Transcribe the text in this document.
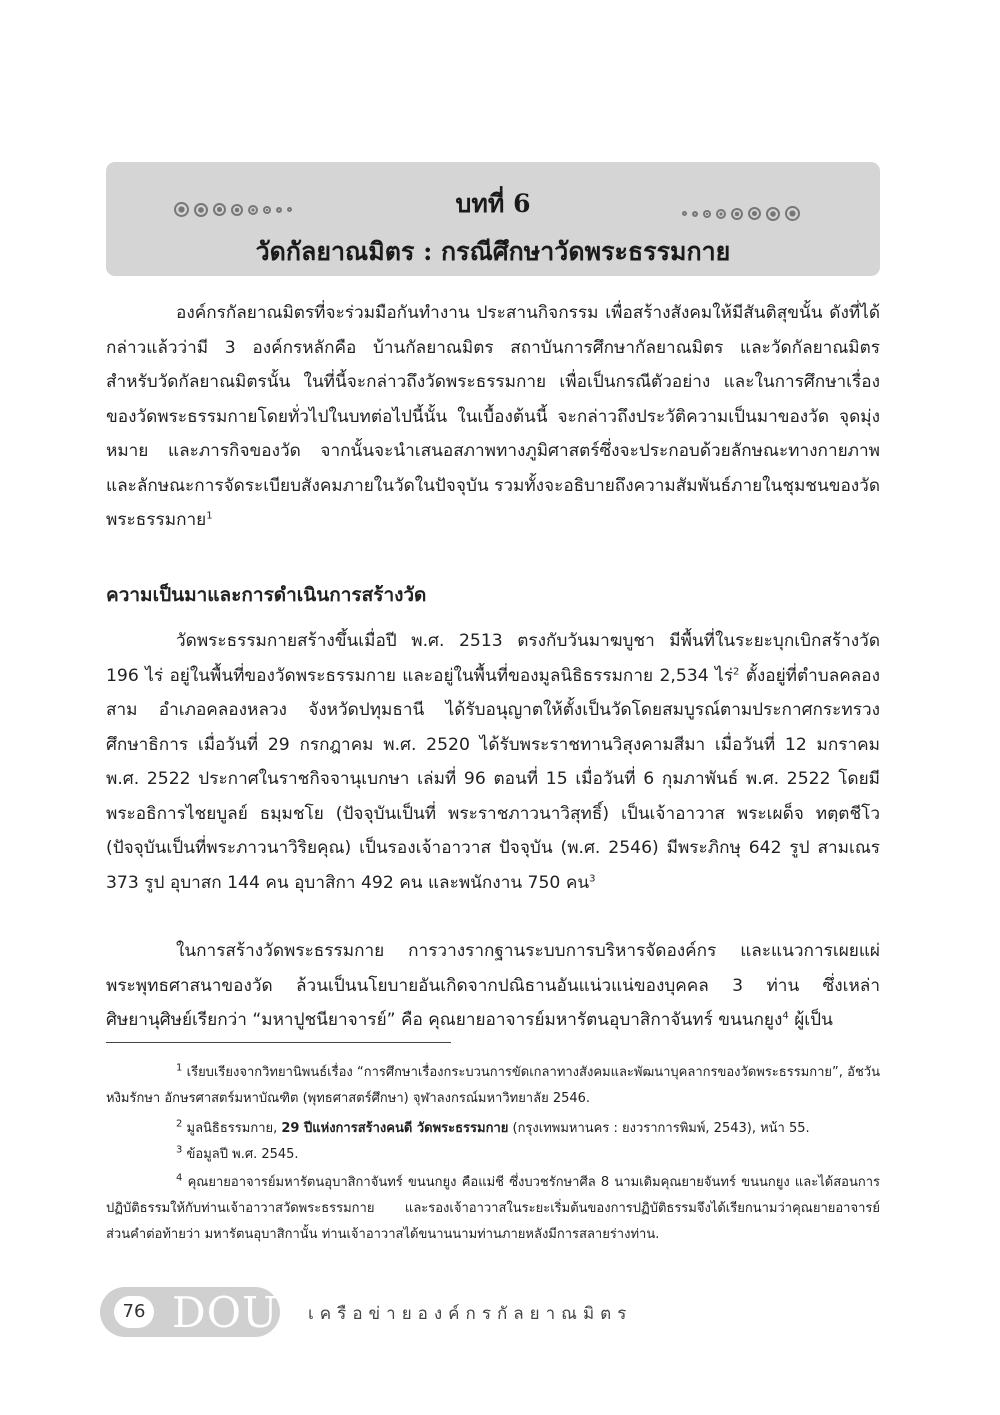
บทที่ 6
วัดกัลยาณมิตร : กรณีศึกษาวัดพระธรรมกาย

องค์กรกัลยาณมิตรที่จะร่วมมือกันทำงาน ประสานกิจกรรม เพื่อสร้างสังคมให้มีสันติสุขนั้น ดังที่ได้กล่าวแล้วว่ามี 3 องค์กรหลักคือ บ้านกัลยาณมิตร สถาบันการศึกษากัลยาณมิตร และวัดกัลยาณมิตร สำหรับวัดกัลยาณมิตรนั้น ในที่นี้จะกล่าวถึงวัดพระธรรมกาย เพื่อเป็นกรณีตัวอย่าง และในการศึกษาเรื่องของวัดพระธรรมกายโดยทั่วไปในบทต่อไปนี้นั้น ในเบื้องต้นนี้ จะกล่าวถึงประวัติความเป็นมาของวัด จุดมุ่งหมาย และภารกิจของวัด จากนั้นจะนำเสนอสภาพทางภูมิศาสตร์ซึ่งจะประกอบด้วยลักษณะทางกายภาพและลักษณะการจัดระเบียบสังคมภายในวัดในปัจจุบัน รวมทั้งจะอธิบายถึงความสัมพันธ์ภายในชุมชนของวัดพระธรรมกาย$^1$

ความเป็นมาและการดำเนินการสร้างวัด

วัดพระธรรมกายสร้างขึ้นเมื่อปี พ.ศ. 2513 ตรงกับวันมาฆบูชา มีพื้นที่ในระยะบุกเบิกสร้างวัด 196 ไร่ อยู่ในพื้นที่ของวัดพระธรรมกาย และอยู่ในพื้นที่ของมูลนิธิธรรมกาย 2,534 ไร่$^2$ ตั้งอยู่ที่ตำบลคลองสาม อำเภอคลองหลวง จังหวัดปทุมธานี ได้รับอนุญาตให้ตั้งเป็นวัดโดยสมบูรณ์ตามประกาศกระทรวงศึกษาธิการ เมื่อวันที่ 29 กรกฎาคม พ.ศ. 2520 ได้รับพระราชทานวิสุงคามสีมา เมื่อวันที่ 12 มกราคม พ.ศ. 2522 ประกาศในราชกิจจานุเบกษา เล่มที่ 96 ตอนที่ 15 เมื่อวันที่ 6 กุมภาพันธ์ พ.ศ. 2522 โดยมีพระอธิการไชยบูลย์ ธมฺมชโย (ปัจจุบันเป็นที่ พระราชภาวนาวิสุทธิ์) เป็นเจ้าอาวาส พระเผด็จ ทตฺตชีโว (ปัจจุบันเป็นที่พระภาวนาวิริยคุณ) เป็นรองเจ้าอาวาส ปัจจุบัน (พ.ศ. 2546) มีพระภิกษุ 642 รูป สามเณร 373 รูป อุบาสก 144 คน อุบาสิกา 492 คน และพนักงาน 750 คน$^3$

ในการสร้างวัดพระธรรมกาย การวางรากฐานระบบการบริหารจัดองค์กร และแนวการเผยแผ่พระพุทธศาสนาของวัด ล้วนเป็นนโยบายอันเกิดจากปณิธานอันแน่วแน่ของบุคคล 3 ท่าน ซึ่งเหล่าศิษยานุศิษย์เรียกว่า “มหาปูชนียาจารย์” คือ คุณยายอาจารย์มหารัตนอุบาสิกาจันทร์ ขนนกยูง$^4$ ผู้เป็น

$^1$ เรียบเรียงจากวิทยานิพนธ์เรื่อง “การศึกษาเรื่องกระบวนการขัดเกลาทางสังคมและพัฒนาบุคลากรของวัดพระธรรมกาย”, อัชวัน หงิมรักษา อักษรศาสตร์มหาบัณฑิต (พุทธศาสตร์ศึกษา) จุฬาลงกรณ์มหาวิทยาลัย 2546.

$^2$ มูลนิธิธรรมกาย, 29 ปีแห่งการสร้างคนดี วัดพระธรรมกาย (กรุงเทพมหานคร : ยงวราการพิมพ์, 2543), หน้า 55.

$^3$ ข้อมูลปี พ.ศ. 2545.

$^4$ คุณยายอาจารย์มหารัตนอุบาสิกาจันทร์ ขนนกยูง คือแม่ชี ซึ่งบวชรักษาศีล 8 นามเดิมคุณยายจันทร์ ขนนกยูง และได้สอนการปฏิบัติธรรมให้กับท่านเจ้าอาวาสวัดพระธรรมกาย และรองเจ้าอาวาสในระยะเริ่มต้นของการปฏิบัติธรรมจึงได้เรียกนามว่าคุณยายอาจารย์ ส่วนคำต่อท้ายว่า มหารัตนอุบาสิกานั้น ท่านเจ้าอาวาสได้ขนานนามท่านภายหลังมีการสลายร่างท่าน.

76 DOU เครือข่ายองค์กรกัลยาณมิตร
